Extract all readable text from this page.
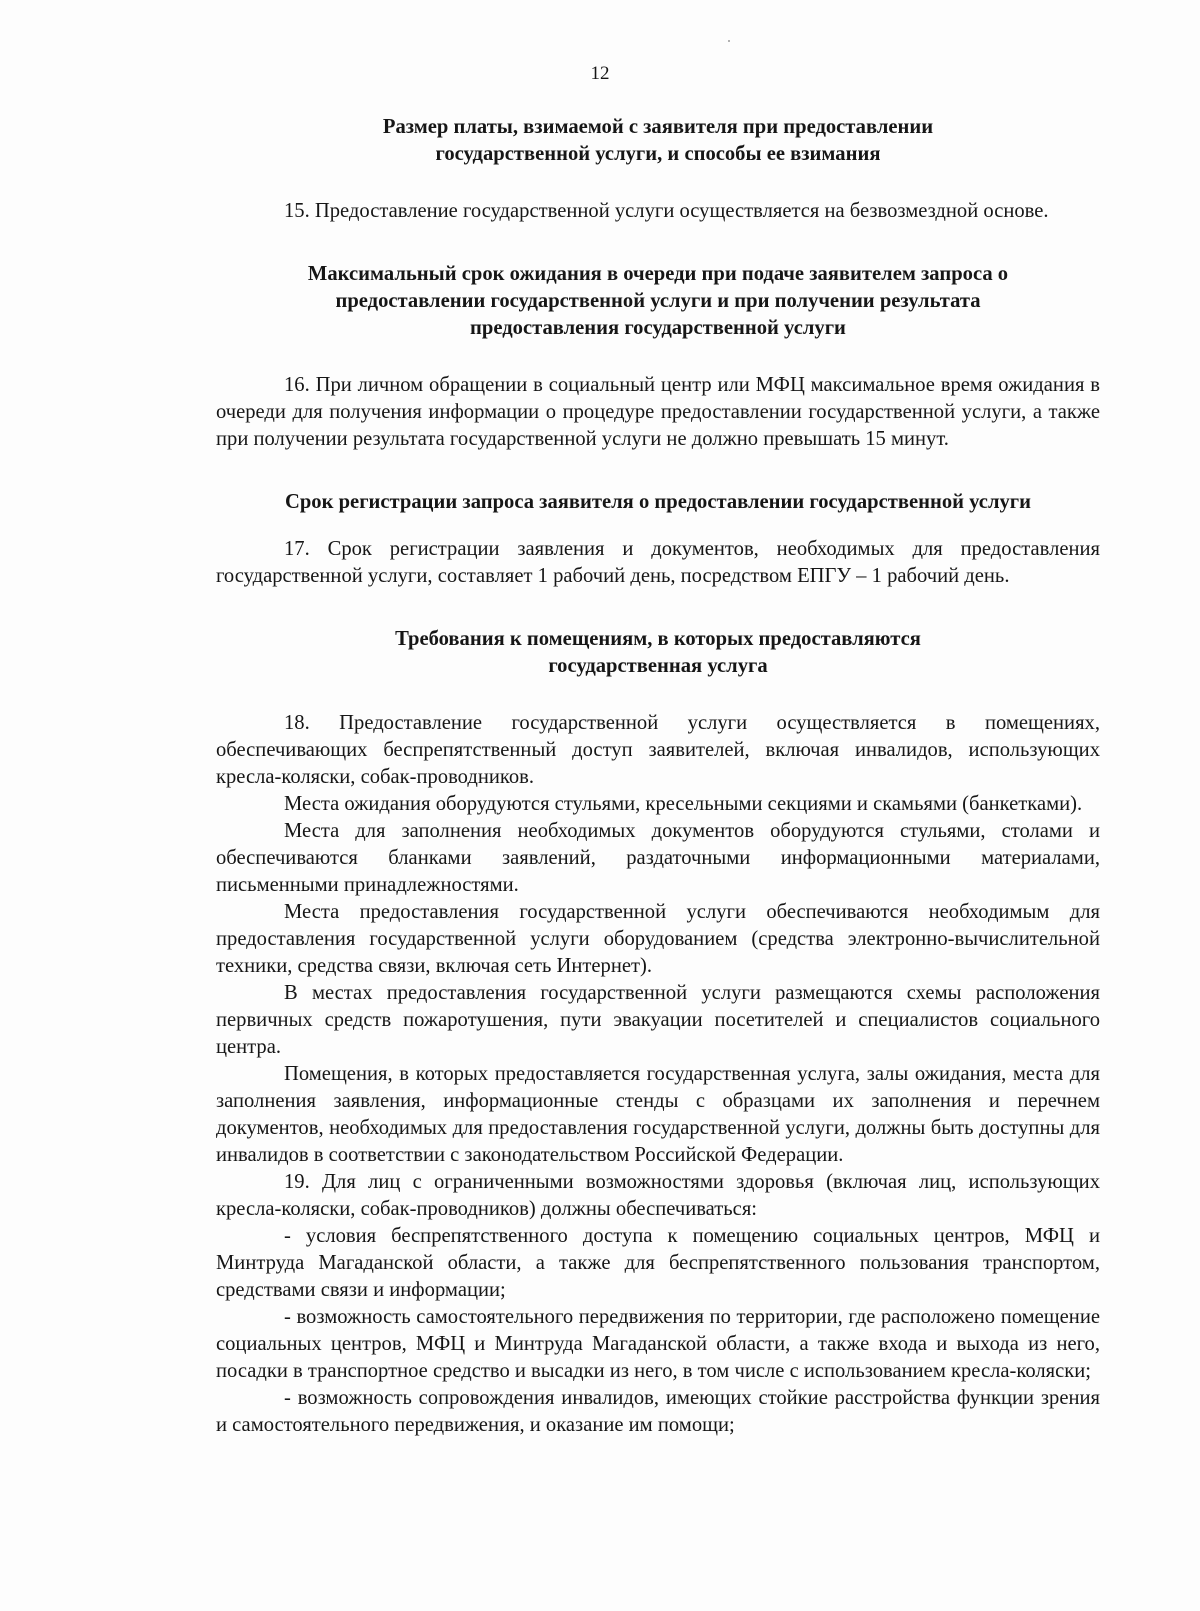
12

Размер платы, взимаемой с заявителя при предоставлении

государственной услуги, и способы ее взимания

15. Предоставление государственной услуги осуществляется на безвозмездной основе.

Максимальный срок ожидания в очереди при подаче заявителем запроса о

предоставлении государственной услуги и при получении результата

предоставления государственной услуги

16. При личном обращении в социальный центр или МФЦ максимальное время ожидания в очереди для получения информации о процедуре предоставлении государственной услуги, а также при получении результата государственной услуги не должно превышать 15 минут.

Срок регистрации запроса заявителя о предоставлении государственной услуги

17. Срок регистрации заявления и документов, необходимых для предоставления государственной услуги, составляет 1 рабочий день, посредством ЕПГУ – 1 рабочий день.

Требования к помещениям, в которых предоставляются

государственная услуга

18. Предоставление государственной услуги осуществляется в помещениях, обеспечивающих беспрепятственный доступ заявителей, включая инвалидов, использующих кресла-коляски, собак-проводников.

Места ожидания оборудуются стульями, кресельными секциями и скамьями (банкетками).

Места для заполнения необходимых документов оборудуются стульями, столами и обеспечиваются бланками заявлений, раздаточными информационными материалами, письменными принадлежностями.

Места предоставления государственной услуги обеспечиваются необходимым для предоставления государственной услуги оборудованием (средства электронно-вычислительной техники, средства связи, включая сеть Интернет).

В местах предоставления государственной услуги размещаются схемы расположения первичных средств пожаротушения, пути эвакуации посетителей и специалистов социального центра.

Помещения, в которых предоставляется государственная услуга, залы ожидания, места для заполнения заявления, информационные стенды с образцами их заполнения и перечнем документов, необходимых для предоставления государственной услуги, должны быть доступны для инвалидов в соответствии с законодательством Российской Федерации.

19. Для лиц с ограниченными возможностями здоровья (включая лиц, использующих кресла-коляски, собак-проводников) должны обеспечиваться:

- условия беспрепятственного доступа к помещению социальных центров, МФЦ и Минтруда Магаданской области, а также для беспрепятственного пользования транспортом, средствами связи и информации;

- возможность самостоятельного передвижения по территории, где расположено помещение социальных центров, МФЦ и Минтруда Магаданской области, а также входа и выхода из него, посадки в транспортное средство и высадки из него, в том числе с использованием кресла-коляски;

- возможность сопровождения инвалидов, имеющих стойкие расстройства функции зрения и самостоятельного передвижения, и оказание им помощи;
